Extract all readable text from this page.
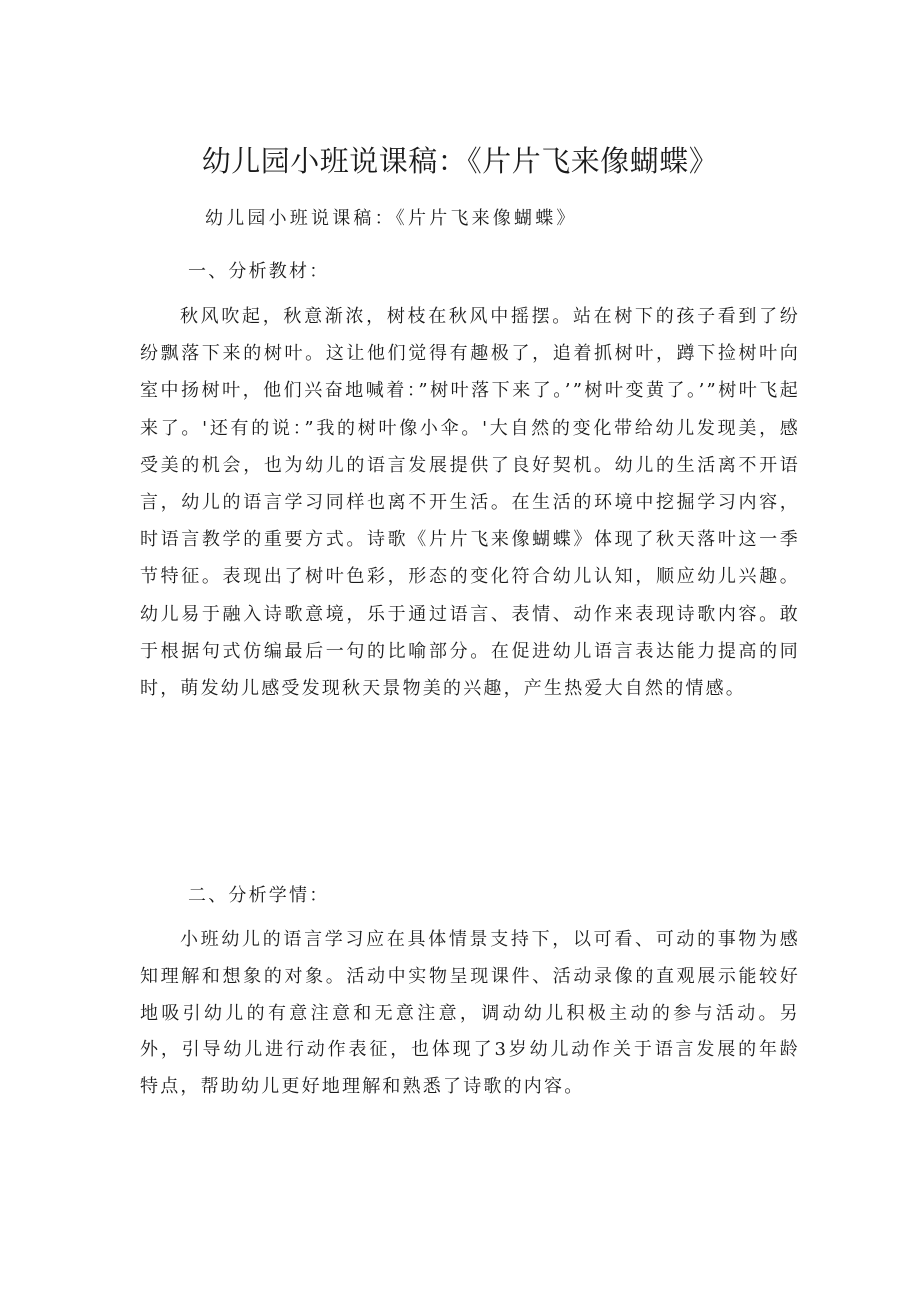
幼儿园小班说课稿：《片片飞来像蝴蝶》

幼儿园小班说课稿：《片片飞来像蝴蝶》

一、分析教材：

秋风吹起，秋意渐浓，树枝在秋风中摇摆。站在树下的孩子看到了纷纷飘落下来的树叶。这让他们觉得有趣极了，追着抓树叶，蹲下捡树叶向室中扬树叶，他们兴奋地喊着：”树叶落下来了。’”树叶变黄了。’”树叶飞起来了。'还有的说：”我的树叶像小伞。'大自然的变化带给幼儿发现美，感受美的机会，也为幼儿的语言发展提供了良好契机。幼儿的生活离不开语言，幼儿的语言学习同样也离不开生活。在生活的环境中挖掘学习内容，时语言教学的重要方式。诗歌《片片飞来像蝴蝶》体现了秋天落叶这一季节特征。表现出了树叶色彩，形态的变化符合幼儿认知，顺应幼儿兴趣。幼儿易于融入诗歌意境，乐于通过语言、表情、动作来表现诗歌内容。敢于根据句式仿编最后一句的比喻部分。在促进幼儿语言表达能力提高的同时，萌发幼儿感受发现秋天景物美的兴趣，产生热爱大自然的情感。

二、分析学情：

小班幼儿的语言学习应在具体情景支持下，以可看、可动的事物为感知理解和想象的对象。活动中实物呈现课件、活动录像的直观展示能较好地吸引幼儿的有意注意和无意注意，调动幼儿积极主动的参与活动。另外，引导幼儿进行动作表征，也体现了3岁幼儿动作关于语言发展的年龄特点，帮助幼儿更好地理解和熟悉了诗歌的内容。
